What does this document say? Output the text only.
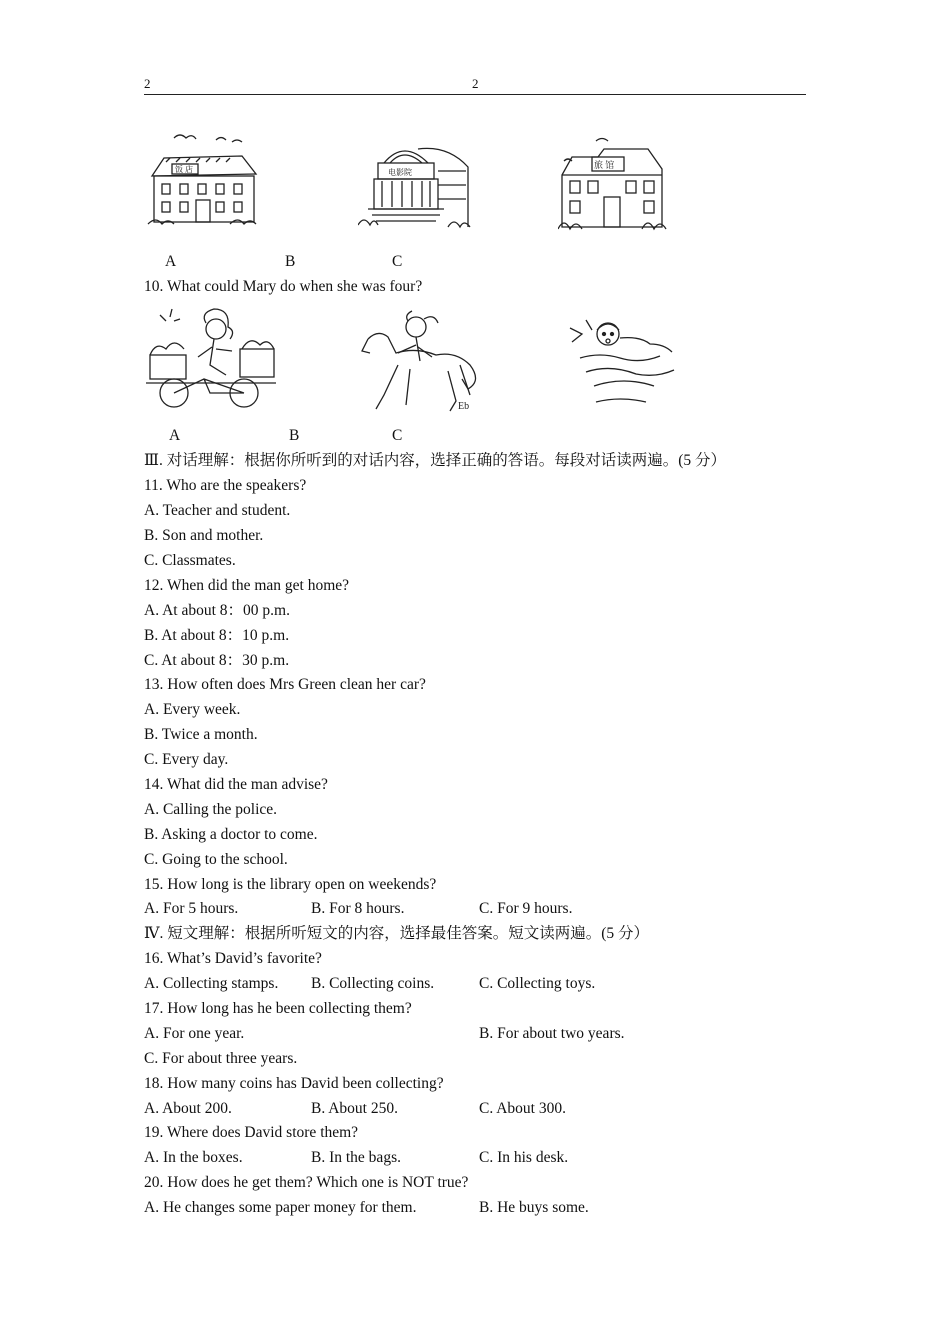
2	2
饭 店	电影院
旅 馆
A	B	C
10. What could Mary do when she was four?
Eb
A	B	C
Ⅲ. 对话理解：根据你所听到的对话内容，选择正确的答语。每段对话读两遍。(5 分）
11. Who are the speakers?
A. Teacher and student.
B. Son and mother.
C. Classmates.
12. When did the man get home?
A. At about 8：00 p.m.
B. At about 8：10 p.m.
C. At about 8：30 p.m.
13. How often does Mrs Green clean her car?
A. Every week.
B. Twice a month.
C. Every day.
14. What did the man advise?
A. Calling the police.
B. Asking a doctor to come.
C. Going to the school.
15. How long is the library open on weekends?
A. For 5 hours.	B. For 8 hours.	C. For 9 hours.
Ⅳ. 短文理解：根据所听短文的内容，选择最佳答案。短文读两遍。(5 分）
16. What’s David’s favorite?
A. Collecting stamps. B. Collecting coins.	C. Collecting toys.
17. How long has he been collecting them?
A. For one year.	B. For about two years.
C. For about three years.
18. How many coins has David been collecting?
A. About 200.	B. About 250.	C. About 300.
19. Where does David store them?
A. In the boxes.	B. In the bags.	C. In his desk.
20. How does he get them? Which one is NOT true?
A. He changes some paper money for them.	B. He buys some.
